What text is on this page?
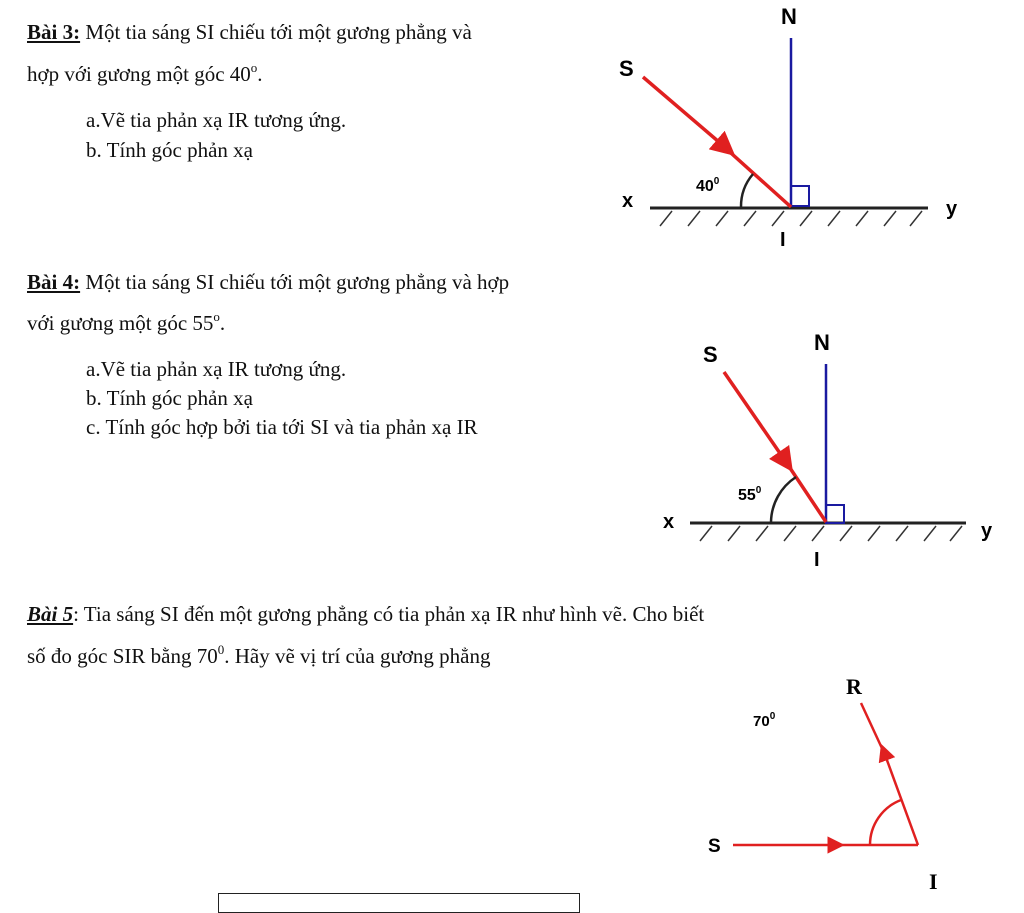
Bài 3: Một tia sáng SI chiếu tới một gương phẳng và
hợp với gương một góc 40$^o$.
a.Vẽ tia phản xạ IR tương ứng.
b. Tính góc phản xạ
Bài 4: Một tia sáng SI chiếu tới một gương phẳng và hợp
với gương một góc 55$^o$.
a.Vẽ tia phản xạ IR tương ứng.
b. Tính góc phản xạ
c. Tính góc hợp bởi tia tới SI và tia phản xạ IR
Bài 5: Tia sáng SI đến một gương phẳng có tia phản xạ IR như hình vẽ. Cho biết
số đo góc SIR bằng $70^0$. Hãy vẽ vị trí của gương phẳng
N
S
$40^0$
x	y
I
N
S
$55^0$
x	y
I
R
$70^0$
S
I
